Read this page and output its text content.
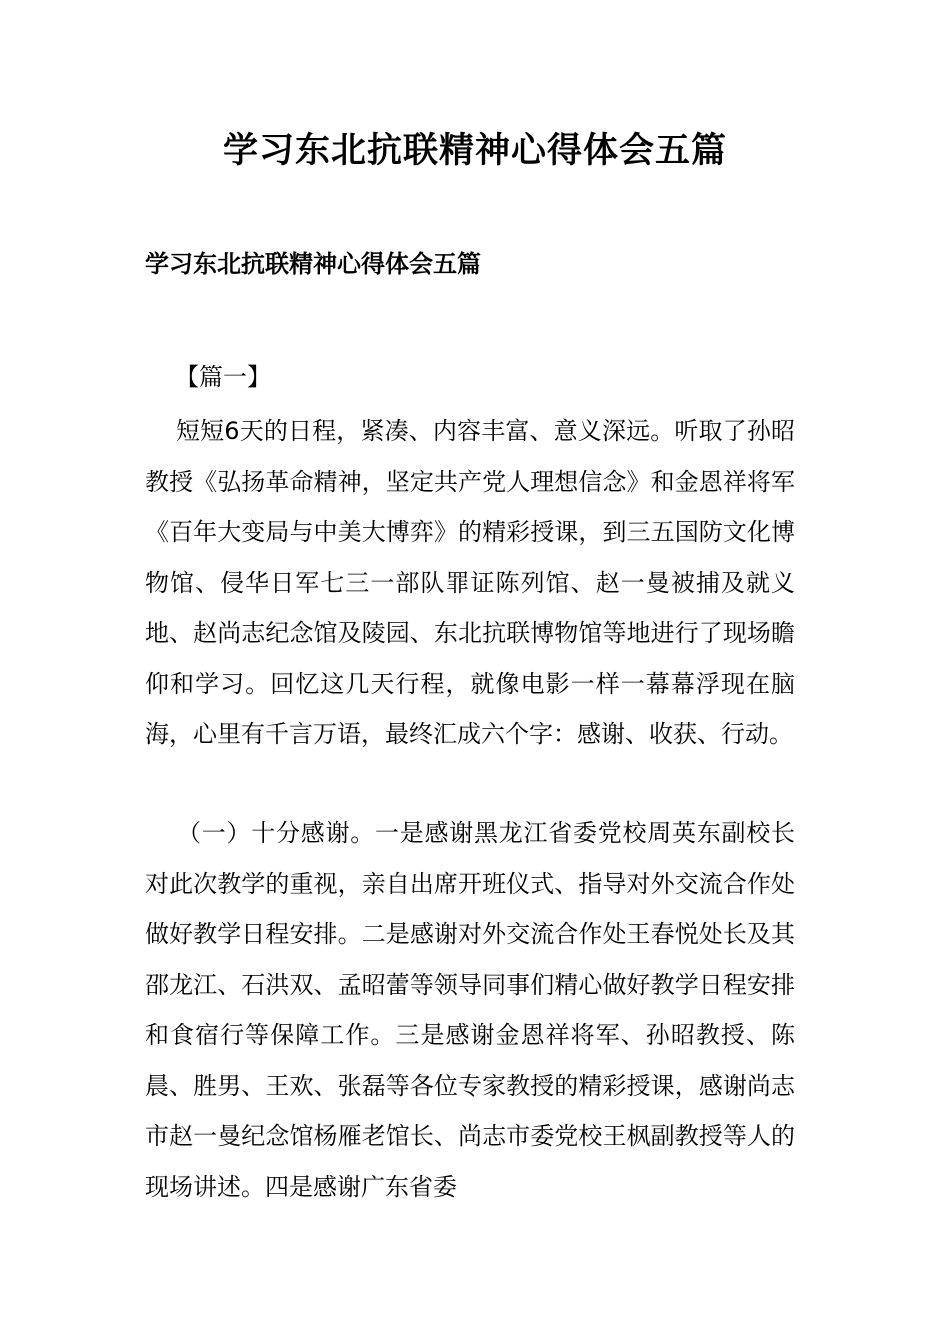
学习东北抗联精神心得体会五篇
学习东北抗联精神心得体会五篇

【篇一】

短短6天的日程，紧凑、内容丰富、意义深远。听取了孙昭教授《弘扬革命精神，坚定共产党人理想信念》和金恩祥将军《百年大变局与中美大博弈》的精彩授课，到三五国防文化博物馆、侵华日军七三一部队罪证陈列馆、赵一曼被捕及就义地、赵尚志纪念馆及陵园、东北抗联博物馆等地进行了现场瞻仰和学习。回忆这几天行程，就像电影一样一幕幕浮现在脑海，心里有千言万语，最终汇成六个字：感谢、收获、行动。

（一）十分感谢。一是感谢黑龙江省委党校周英东副校长对此次教学的重视，亲自出席开班仪式、指导对外交流合作处做好教学日程安排。二是感谢对外交流合作处王春悦处长及其邵龙江、石洪双、孟昭蕾等领导同事们精心做好教学日程安排和食宿行等保障工作。三是感谢金恩祥将军、孙昭教授、陈晨、胜男、王欢、张磊等各位专家教授的精彩授课，感谢尚志市赵一曼纪念馆杨雁老馆长、尚志市委党校王枫副教授等人的现场讲述。四是感谢广东省委
